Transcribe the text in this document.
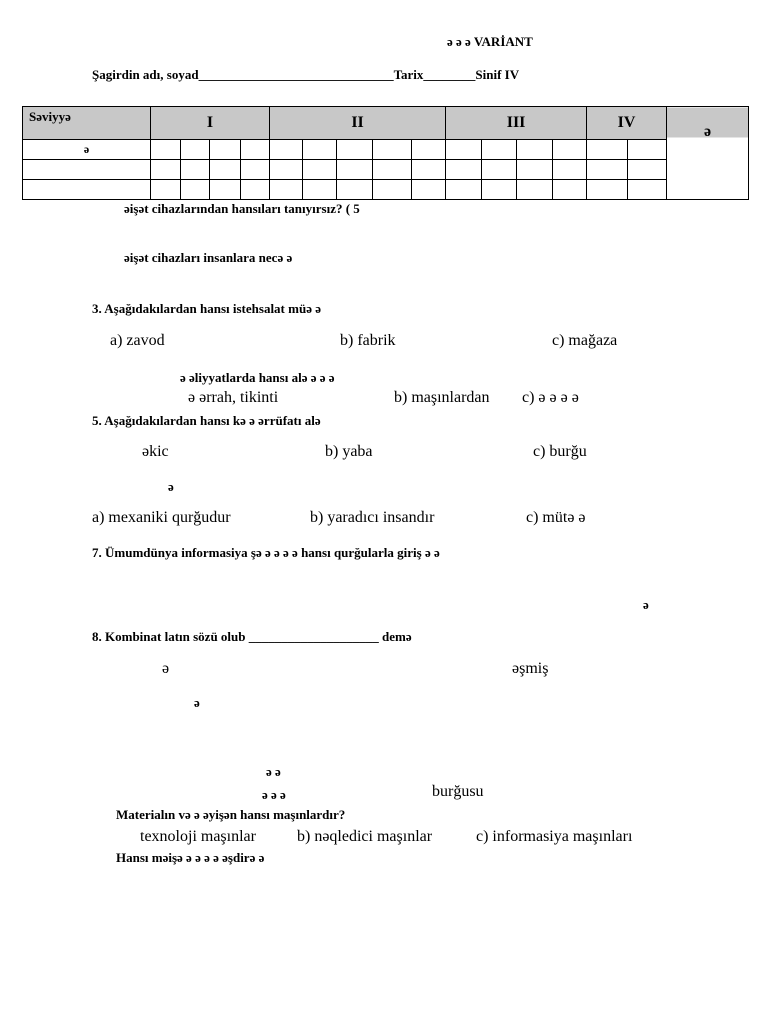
ə ə ə VARİANT
Şagirdin adı, soyad______________________________Tarix________Sinif IV
Səviyyə	I				II					III				IV		ə
ə																

əişət cihazlarından hansıları tanıyırsız? ( 5
əişət cihazları insanlara necə ə
3. Aşağıdakılardan hansı istehsalat müə ə
a) zavod	b) fabrik	c) mağaza
ə əliyyatlarda hansı alə ə ə ə
ə ərrah, tikinti	b) maşınlardan c) ə ə ə ə
5. Aşağıdakılardan hansı kə ə ərrüfatı alə
əkic	b) yaba	c) burğu
ə
a) mexaniki qurğudur	b) yaradıcı insandır	c) mütə ə
7. Ümumdünya informasiya şə ə ə ə ə hansı qurğularla giriş ə ə
ə
8. Kombinat latın sözü olub ____________________ demə
ə	əşmiş
ə
ə ə
ə ə ə	burğusu
Materialın və ə əyişən hansı maşınlardır?
texnoloji maşınlar	b) nəqledici maşınlar	c) informasiya maşınları
Hansı məişə ə ə ə ə əşdirə ə
